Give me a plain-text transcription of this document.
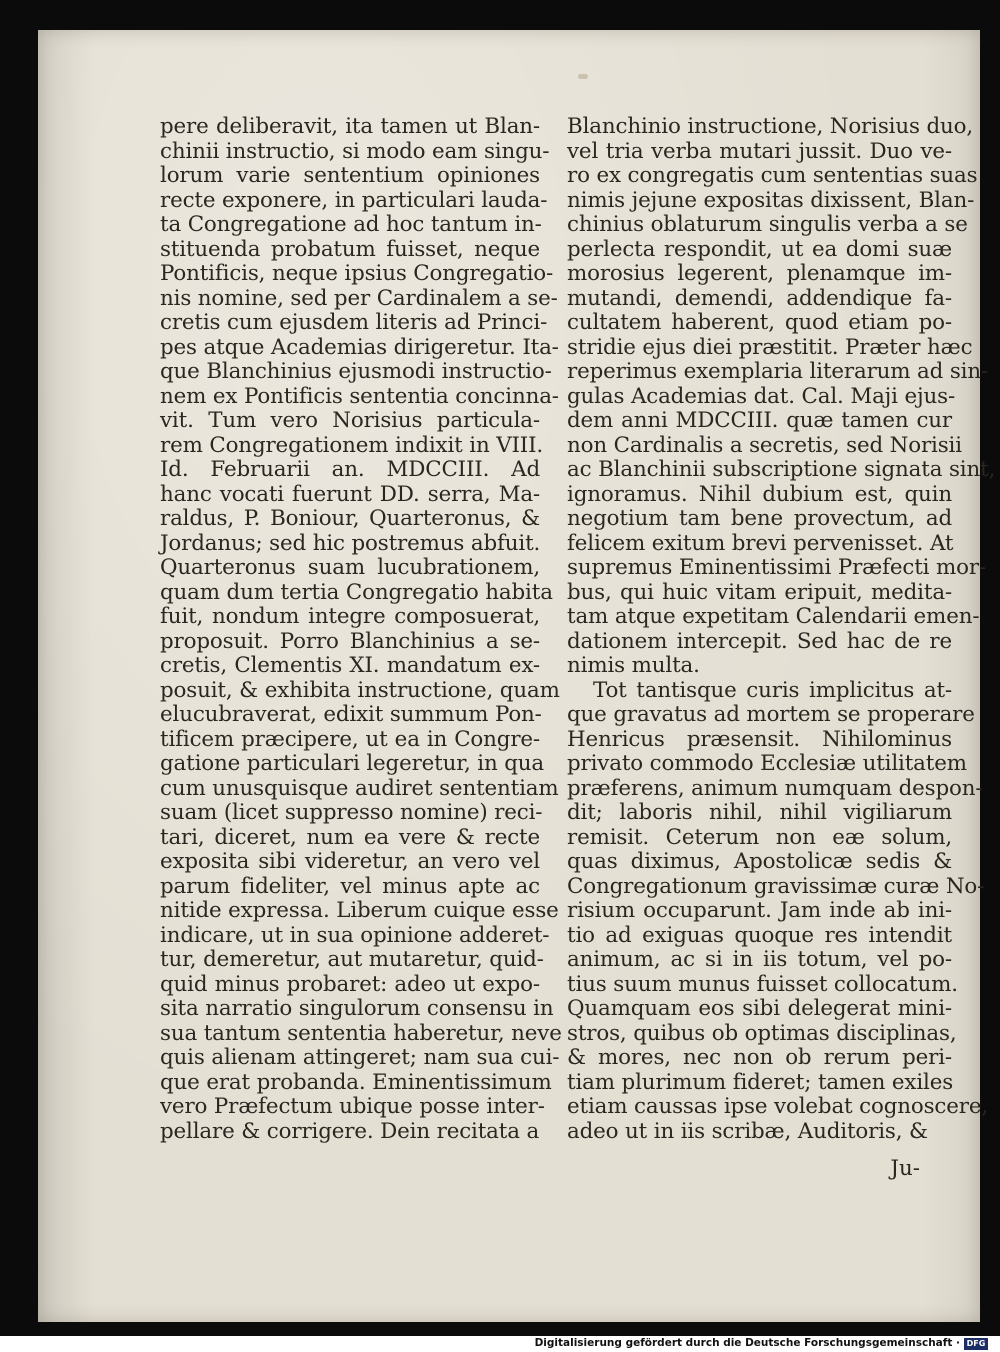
pere deliberavit, ita tamen ut Blan-
chinii instructio, si modo eam singu-
lorum varie sententium opiniones
recte exponere, in particulari lauda-
ta Congregatione ad hoc tantum in-
stituenda probatum fuisset, neque
Pontificis, neque ipsius Congregatio-
nis nomine, sed per Cardinalem a se-
cretis cum ejusdem literis ad Princi-
pes atque Academias dirigeretur. Ita-
que Blanchinius ejusmodi instructio-
nem ex Pontificis sententia concinna-
vit. Tum vero Norisius particula-
rem Congregationem indixit in VIII.
Id. Februarii an. MDCCIII. Ad
hanc vocati fuerunt DD. serra, Ma-
raldus, P. Boniour, Quarteronus, &
Jordanus; sed hic postremus abfuit.
Quarteronus suam lucubrationem,
quam dum tertia Congregatio habita
fuit, nondum integre composuerat,
proposuit. Porro Blanchinius a se-
cretis, Clementis XI. mandatum ex-
posuit, & exhibita instructione, quam
elucubraverat, edixit summum Pon-
tificem præcipere, ut ea in Congre-
gatione particulari legeretur, in qua
cum unusquisque audiret sententiam
suam (licet suppresso nomine) reci-
tari, diceret, num ea vere & recte
exposita sibi videretur, an vero vel
parum fideliter, vel minus apte ac
nitide expressa. Liberum cuique esse
indicare, ut in sua opinione adderet-
tur, demeretur, aut mutaretur, quid-
quid minus probaret: adeo ut expo-
sita narratio singulorum consensu in
sua tantum sententia haberetur, neve
quis alienam attingeret; nam sua cui-
que erat probanda. Eminentissimum
vero Præfectum ubique posse inter-
pellare & corrigere. Dein recitata a
Blanchinio instructione, Norisius duo,
vel tria verba mutari jussit. Duo ve-
ro ex congregatis cum sententias suas
nimis jejune expositas dixissent, Blan-
chinius oblaturum singulis verba a se
perlecta respondit, ut ea domi suæ
morosius legerent, plenamque im-
mutandi, demendi, addendique fa-
cultatem haberent, quod etiam po-
stridie ejus diei præstitit. Præter hæc
reperimus exemplaria literarum ad sin-
gulas Academias dat. Cal. Maji ejus-
dem anni MDCCIII. quæ tamen cur
non Cardinalis a secretis, sed Norisii
ac Blanchinii subscriptione signata sint,
ignoramus. Nihil dubium est, quin
negotium tam bene provectum, ad
felicem exitum brevi pervenisset. At
supremus Eminentissimi Præfecti mor-
bus, qui huic vitam eripuit, medita-
tam atque expetitam Calendarii emen-
dationem intercepit. Sed hac de re
nimis multa.
Tot tantisque curis implicitus at-
que gravatus ad mortem se properare
Henricus præsensit. Nihilominus
privato commodo Ecclesiæ utilitatem
præferens, animum numquam despon-
dit; laboris nihil, nihil vigiliarum
remisit. Ceterum non eæ solum,
quas diximus, Apostolicæ sedis &
Congregationum gravissimæ curæ No-
risium occuparunt. Jam inde ab ini-
tio ad exiguas quoque res intendit
animum, ac si in iis totum, vel po-
tius suum munus fuisset collocatum.
Quamquam eos sibi delegerat mini-
stros, quibus ob optimas disciplinas,
& mores, nec non ob rerum peri-
tiam plurimum fideret; tamen exiles
etiam caussas ipse volebat cognoscere,
adeo ut in iis scribæ, Auditoris, &
Ju-
Digitalisierung gefördert durch die Deutsche Forschungsgemeinschaft · DFG
